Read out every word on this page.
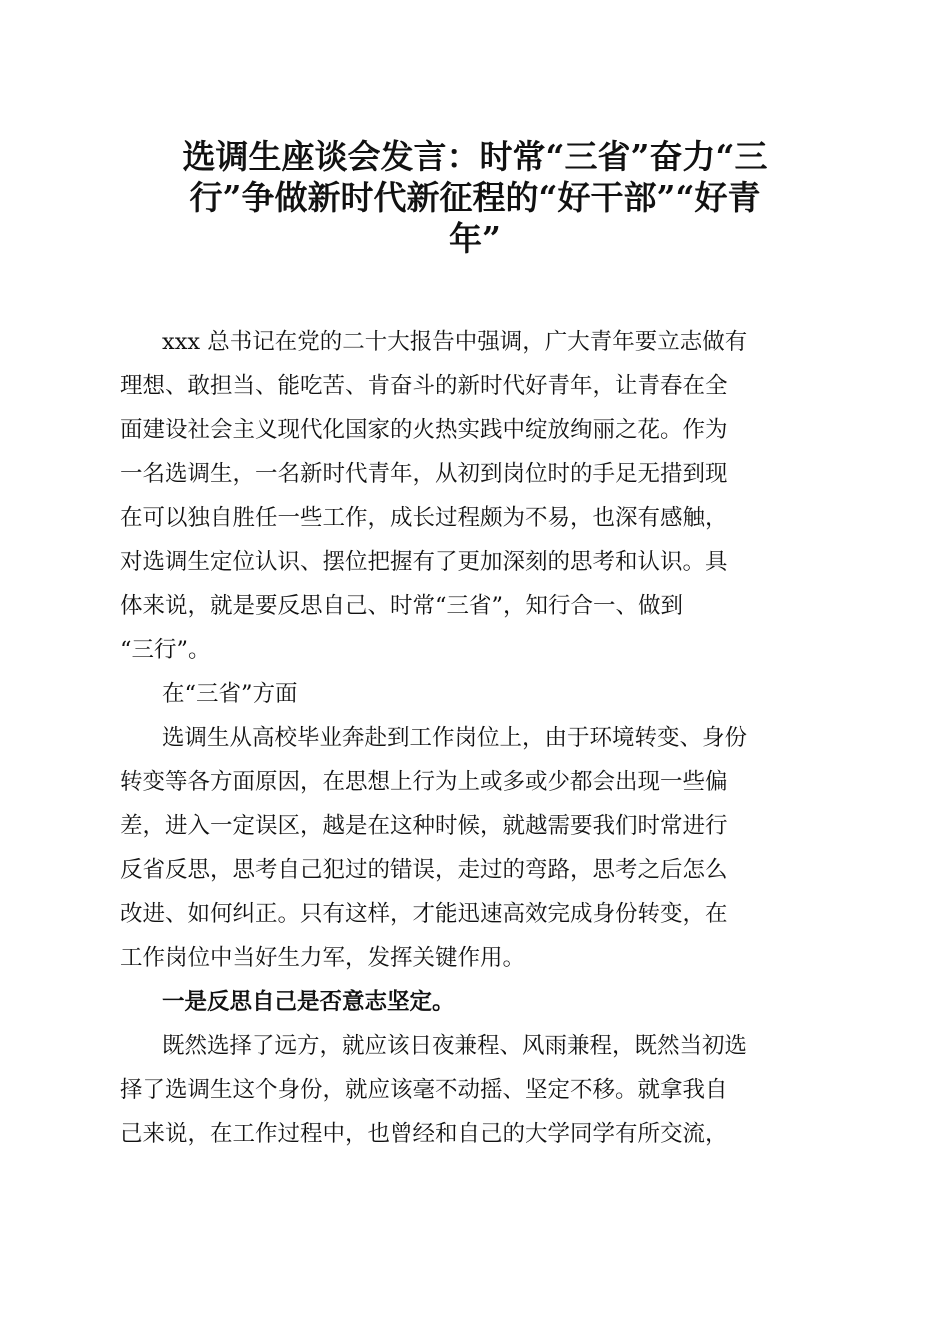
选调生座谈会发言：时常“三省”奋力“三
行”争做新时代新征程的“好干部”“好青
年”

xxx 总书记在党的二十大报告中强调，广大青年要立志做有
理想、敢担当、能吃苦、肯奋斗的新时代好青年，让青春在全
面建设社会主义现代化国家的火热实践中绽放绚丽之花。作为
一名选调生，一名新时代青年，从初到岗位时的手足无措到现
在可以独自胜任一些工作，成长过程颇为不易，也深有感触，
对选调生定位认识、摆位把握有了更加深刻的思考和认识。具
体来说，就是要反思自己、时常“三省”，知行合一、做到
“三行”。

在“三省”方面

选调生从高校毕业奔赴到工作岗位上，由于环境转变、身份
转变等各方面原因，在思想上行为上或多或少都会出现一些偏
差，进入一定误区，越是在这种时候，就越需要我们时常进行
反省反思，思考自己犯过的错误，走过的弯路，思考之后怎么
改进、如何纠正。只有这样，才能迅速高效完成身份转变，在
工作岗位中当好生力军，发挥关键作用。

一是反思自己是否意志坚定。

既然选择了远方，就应该日夜兼程、风雨兼程，既然当初选
择了选调生这个身份，就应该毫不动摇、坚定不移。就拿我自
己来说，在工作过程中，也曾经和自己的大学同学有所交流，
